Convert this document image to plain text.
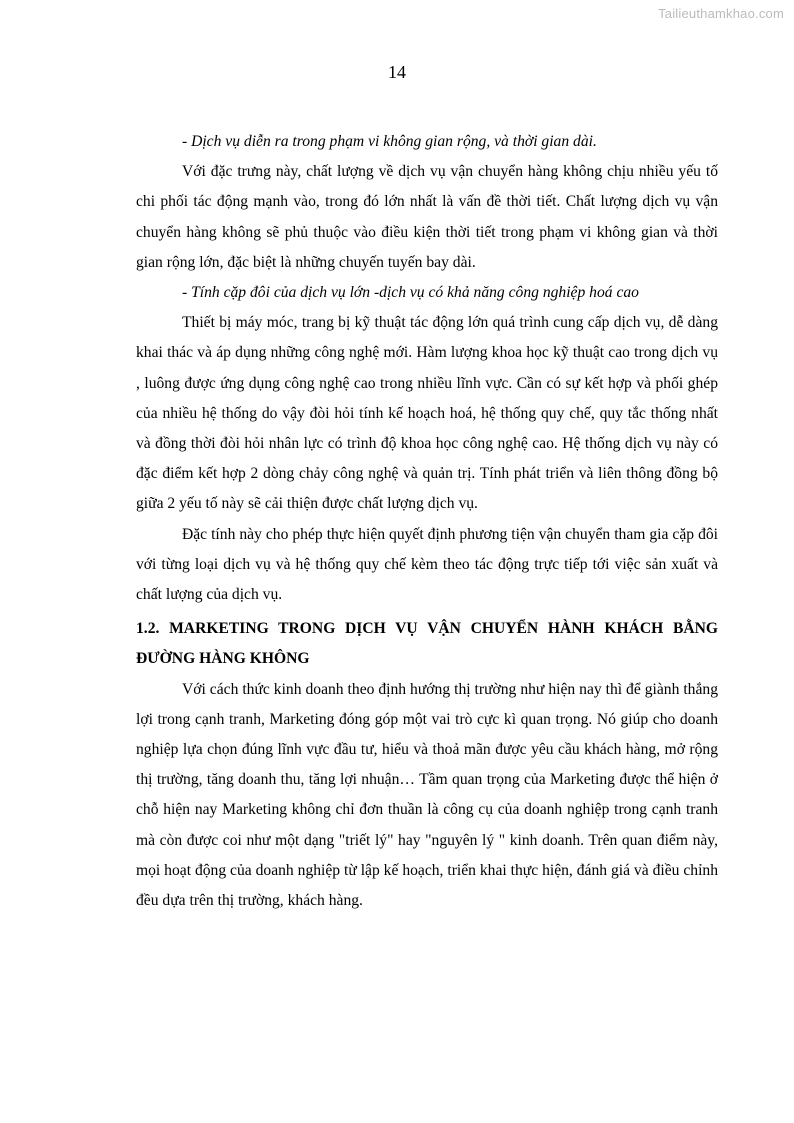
Tailieuthamkhao.com
14

- Dịch vụ diễn ra trong phạm vi không gian rộng, và thời gian dài.

Với đặc trưng này, chất lượng về dịch vụ vận chuyển hàng không chịu nhiều yếu tố chi phối tác động mạnh vào, trong đó lớn nhất là vấn đề thời tiết. Chất lượng dịch vụ vận chuyển hàng không sẽ phủ thuộc vào điều kiện thời tiết trong phạm vi không gian và thời gian rộng lớn, đặc biệt là những chuyến tuyến bay dài.

- Tính cặp đôi của dịch vụ lớn -dịch vụ có khả năng công nghiệp hoá cao

Thiết bị máy móc, trang bị kỹ thuật tác động lớn quá trình cung cấp dịch vụ, dễ dàng khai thác và áp dụng những công nghệ mới. Hàm lượng khoa học kỹ thuật cao trong dịch vụ , luông được ứng dụng công nghệ cao trong nhiều lĩnh vực. Cần có sự kết hợp và phối ghép của nhiều hệ thống do vậy đòi hỏi tính kế hoạch hoá, hệ thống quy chế, quy tắc thống nhất và đồng thời đòi hỏi nhân lực có trình độ khoa học công nghệ cao. Hệ thống dịch vụ này có đặc điểm kết hợp 2 dòng chảy công nghệ và quản trị. Tính phát triển và liên thông đồng bộ giữa 2 yếu tố này sẽ cải thiện được chất lượng dịch vụ.

Đặc tính này cho phép thực hiện quyết định phương tiện vận chuyển tham gia cặp đôi với từng loại dịch vụ và hệ thống quy chế kèm theo tác động trực tiếp tới việc sản xuất và chất lượng của dịch vụ.

1.2. MARKETING TRONG DỊCH VỤ VẬN CHUYỂN HÀNH KHÁCH BẰNG ĐƯỜNG HÀNG KHÔNG

Với cách thức kinh doanh theo định hướng thị trường như hiện nay thì để giành thắng lợi trong cạnh tranh, Marketing đóng góp một vai trò cực kì quan trọng. Nó giúp cho doanh nghiệp lựa chọn đúng lĩnh vực đầu tư, hiểu và thoả mãn được yêu cầu khách hàng, mở rộng thị trường, tăng doanh thu, tăng lợi nhuận… Tầm quan trọng của Marketing được thể hiện ở chỗ hiện nay Marketing không chỉ đơn thuần là công cụ của doanh nghiệp trong cạnh tranh mà còn được coi như một dạng "triết lý" hay "nguyên lý " kinh doanh. Trên quan điểm này, mọi hoạt động của doanh nghiệp từ lập kế hoạch, triển khai thực hiện, đánh giá và điều chỉnh đều dựa trên thị trường, khách hàng.
